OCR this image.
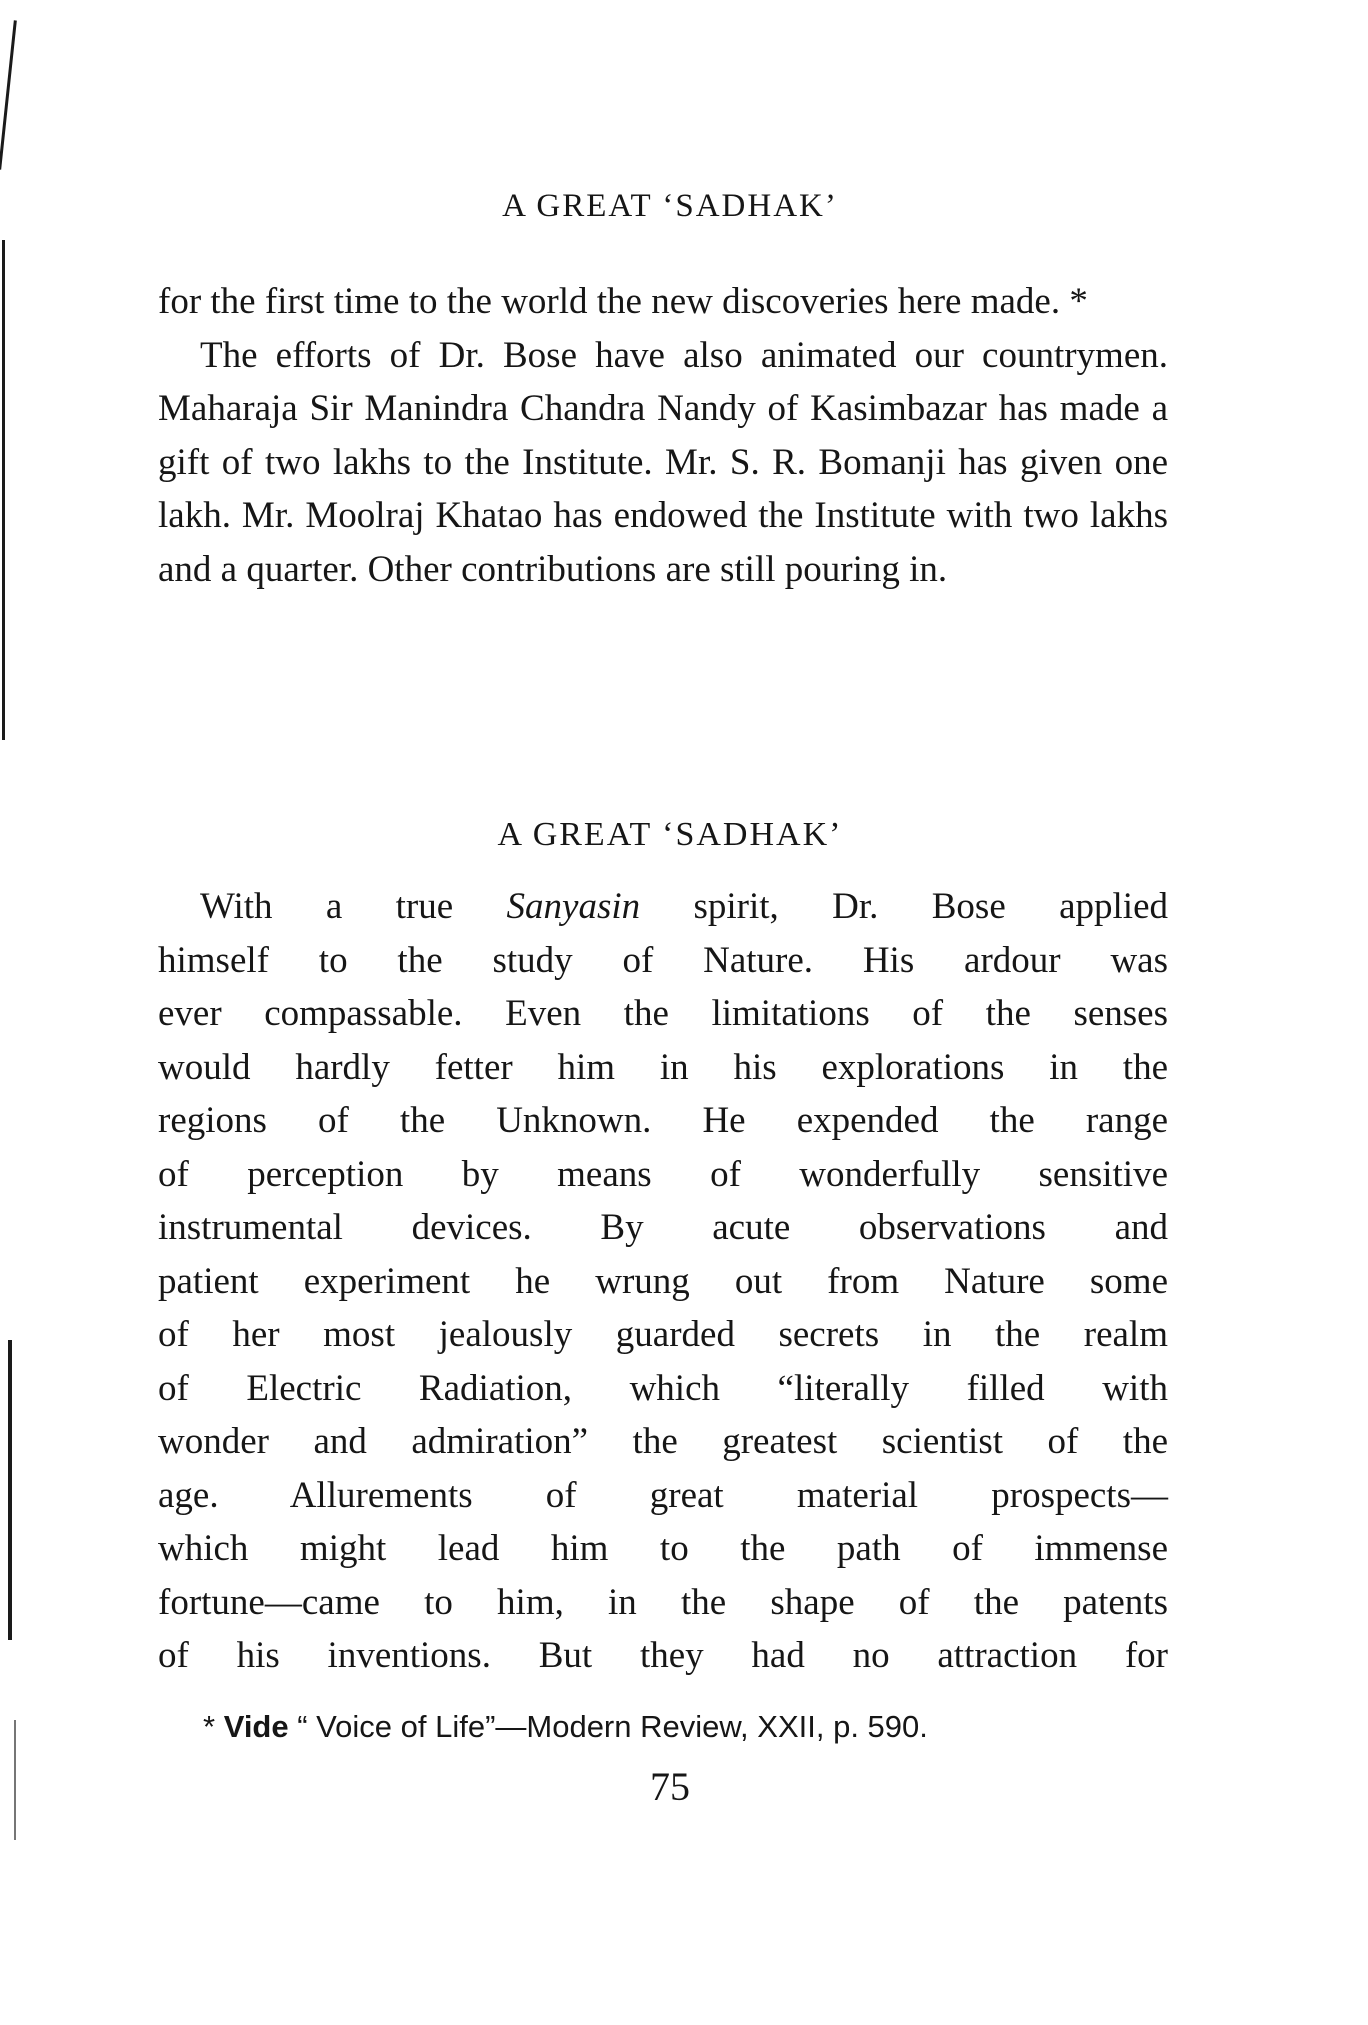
A GREAT ‘SADHAK’

for the first time to the world the new discoveries here made. *

The efforts of Dr. Bose have also animated our countrymen. Maharaja Sir Manindra Chandra Nandy of Kasimbazar has made a gift of two lakhs to the Institute. Mr. S. R. Bomanji has given one lakh. Mr. Moolraj Khatao has endowed the Institute with two lakhs and a quarter. Other contributions are still pouring in.

A GREAT ‘SADHAK’
With a true Sanyasin spirit, Dr. Bose applied
himself to the study of Nature. His ardour was
ever compassable. Even the limitations of the senses
would hardly fetter him in his explorations in the
regions of the Unknown. He expended the range
of perception by means of wonderfully sensitive
instrumental devices. By acute observations and
patient experiment he wrung out from Nature some
of her most jealously guarded secrets in the realm
of Electric Radiation, which “literally filled with
wonder and admiration” the greatest scientist of the
age. Allurements of great material prospects—
which might lead him to the path of immense
fortune—came to him, in the shape of the patents
of his inventions. But they had no attraction for
* Vide “ Voice of Life”—Modern Review, XXII, p. 590.
75
